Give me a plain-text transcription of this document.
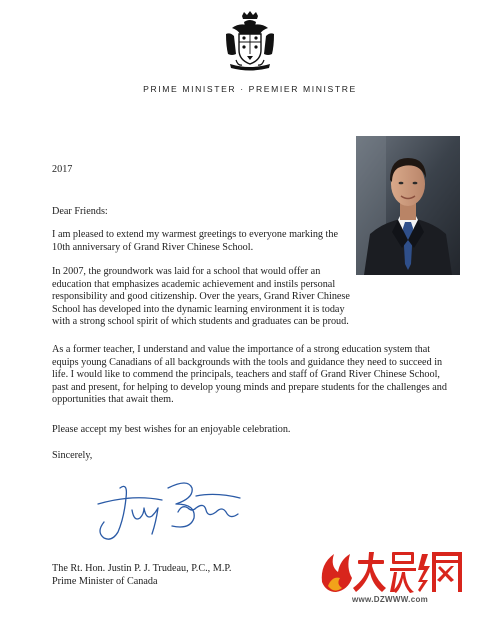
PRIME MINISTER · PREMIER MINISTRE
2017
Dear Friends:

I am pleased to extend my warmest greetings to everyone marking the 10th anniversary of Grand River Chinese School.

In 2007, the groundwork was laid for a school that would offer an education that emphasizes academic achievement and instils personal responsibility and good citizenship. Over the years, Grand River Chinese School has developed into the dynamic learning environment it is today with a strong school spirit of which students and graduates can be proud.

As a former teacher, I understand and value the importance of a strong education system that equips young Canadians of all backgrounds with the tools and guidance they need to succeed in life. I would like to commend the principals, teachers and staff of Grand River Chinese School, past and present, for helping to develop young minds and prepare students for the challenges and opportunities that await them.

Please accept my best wishes for an enjoyable celebration.

Sincerely,
The Rt. Hon. Justin P. J. Trudeau, P.C., M.P.
Prime Minister of Canada
www.DZWWW.com
